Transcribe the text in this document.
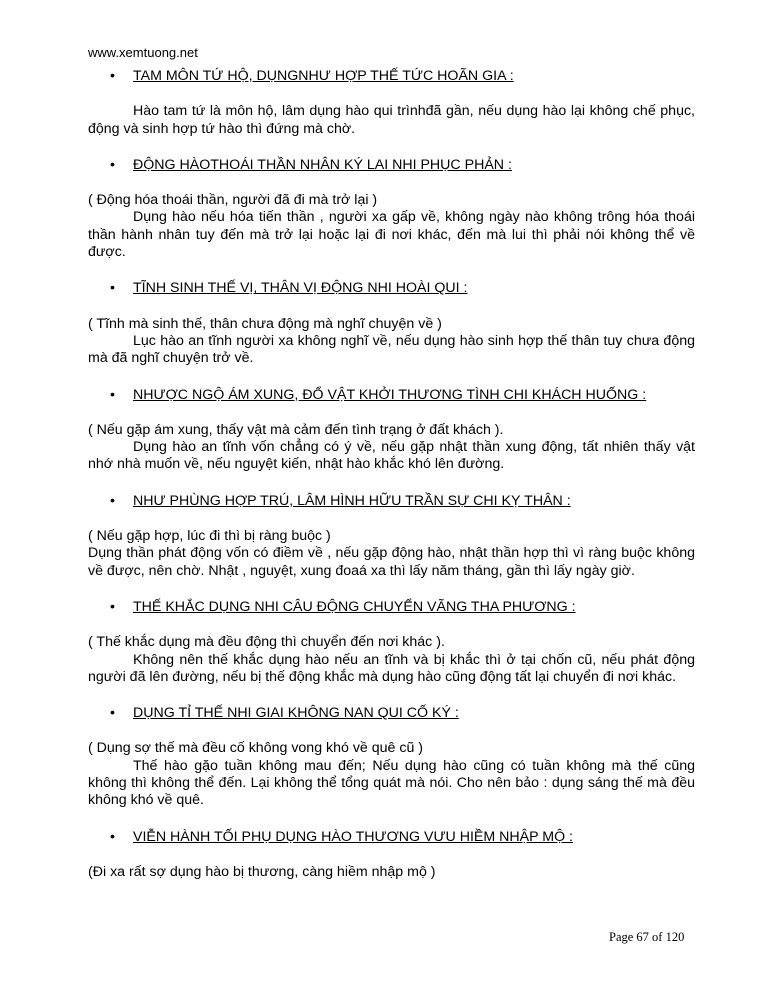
www.xemtuong.net
• TAM MÔN TỨ HỘ, DỤNGNHƯ HỢP THẾ TỨC HOÃN GIA :
Hào tam tứ là môn hộ, lâm dụng hào qui trìnhđã gần, nếu dụng hào lại không chế phục, động và sinh hợp tứ hào thì đứng mà chờ.
• ĐỘNG HÀOTHOÁI THẦN NHÂN KÝ LAI NHI PHỤC PHẢN :
( Động hóa thoái thần, người đã đi mà trở lại )
Dụng hào nếu hóa tiến thần , người xa gấp về, không ngày nào không trông hóa thoái thần hành nhân tuy đến mà trở lại hoặc lại đi nơi khác, đến mà lui thì phải nói không thể về được.
• TĨNH SINH THẾ VỊ, THÂN VỊ ĐỘNG NHI HOÀI QUI :
( Tĩnh mà sinh thế, thân chưa động mà nghĩ chuyện về )
Lục hào an tĩnh người xa không nghĩ về, nếu dụng hào sinh hợp thế thân tuy chưa động mà đã nghĩ chuyện trở về.
• NHƯỢC NGỘ ÁM XUNG, ĐỔ VẬT KHỞI THƯƠNG TÌNH CHI KHÁCH HUỐNG :
( Nếu gặp ám xung, thấy vật mà cảm đến tình trạng ở đất khách ).
Dụng hào an tĩnh vốn chẳng có ý về, nếu gặp nhật thần xung động, tất nhiên thấy vật nhớ nhà muốn về, nếu nguyệt kiến, nhật hào khắc khó lên đường.
• NHƯ PHÙNG HỢP TRÚ, LÂM HÌNH HỮU TRẦN SỰ CHI KỴ THÂN :
( Nếu gặp hợp, lúc đi thì bị ràng buộc )
Dụng thần phát động vốn có điềm về , nếu gặp động hào, nhật thần hợp thì vì ràng buộc không về được, nên chờ. Nhật , nguyệt, xung đoaá xa thì lấy năm tháng, gần thì lấy ngày giờ.
• THẾ KHẮC DỤNG NHI CÂU ĐỘNG CHUYỂN VÃNG THA PHƯƠNG :
( Thế khắc dụng mà đều động thì chuyển đến nơi khác ).
Không nên thế khắc dụng hào nếu an tĩnh và bị khắc thì ở tại chốn cũ, nếu phát động người đã lên đường, nếu bị thế động khắc mà dụng hào cũng động tất lại chuyển đi nơi khác.
• DỤNG TỈ THẾ NHI GIAI KHÔNG NAN QUI CỐ KÝ :
( Dụng sợ thế mà đều cố không vong khó về quê cũ )
Thế hào gặo tuần không mau đến; Nếu dụng hào cũng có tuần không mà thế cũng không thì không thể đến. Lại không thể tổng quát mà nói. Cho nên bảo : dụng sáng thế mà đều không khó về quê.
• VIỄN HÀNH TỐI PHỤ DỤNG HÀO THƯƠNG VƯU HIỀM NHẬP MỘ :
(Đi xa rất sợ dụng hào bị thương, càng hiềm nhập mộ )
Page 67 of 120
